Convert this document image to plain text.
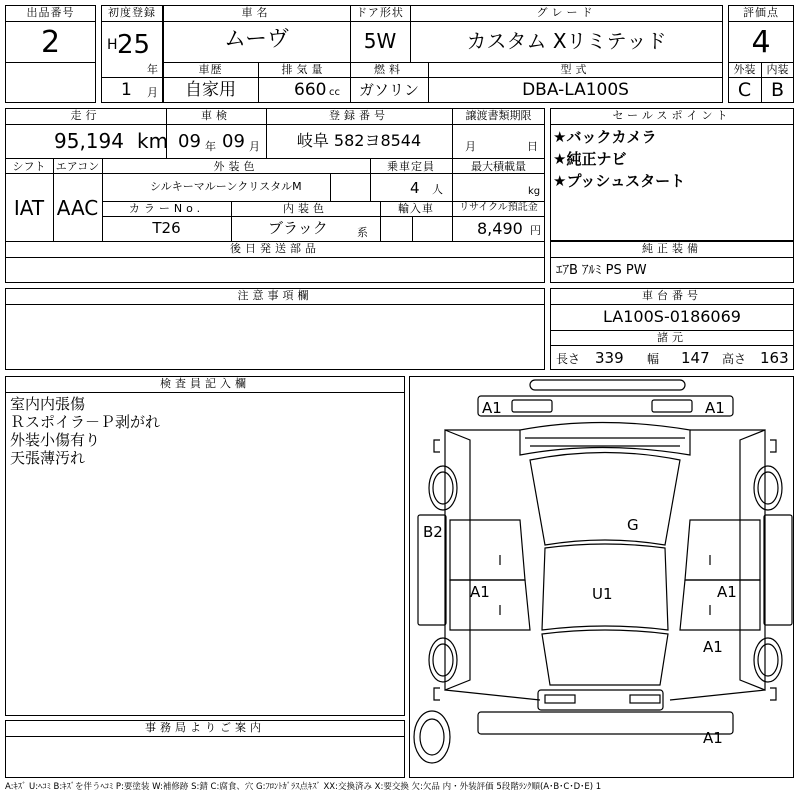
出品番号
2
初度登録
H 25
年
1 月
車名
ムーヴ
ドア形状
5W
グレード
カスタム Xリミテッド
車歴
自家用
排気量
660 cc
燃料
ガソリン
型式
DBA-LA100S
評価点
4
外装	内装
C	B
走行
95,194 km
車検
09 年 09 月
登録番号
岐阜 582ヨ8544
譲渡書類期限
月	日
シフト
IAT
エアコン
AAC
外装色
シルキーマルーンクリスタルM
乗車定員
4 人
最大積載量
kg
カラーNo.
T26
内装色
ブラック	系
輸入車	リサイクル預託金
8,490 円
後日発送部品
セールスポイント
★バックカメラ
★純正ナビ
★プッシュスタート
純正装備
ｴｱB ｱﾙﾐ PS PW
注意事項欄	車台番号
LA100S-0186069
諸元
長さ 339 幅 147 高さ 163
検査員記入欄
室内内張傷
Ｒスポイラ－Ｐ剥がれ
外装小傷有り
天張薄汚れ
事務局よりご案内
A1	A1
B2	G
A1	A1
U1
A1
A1
A:ｷｽﾞ U:ﾍｺﾐ B:ｷｽﾞを伴うﾍｺﾐ P:要塗装 W:補修跡 S:錆 C:腐食、穴 G:ﾌﾛﾝﾄｶﾞﾗｽ点ｷｽﾞ XX:交換済み X:要交換 欠:欠品 内・外装評価 5段階ﾗﾝｸ順(A･B･C･D･E) 1
